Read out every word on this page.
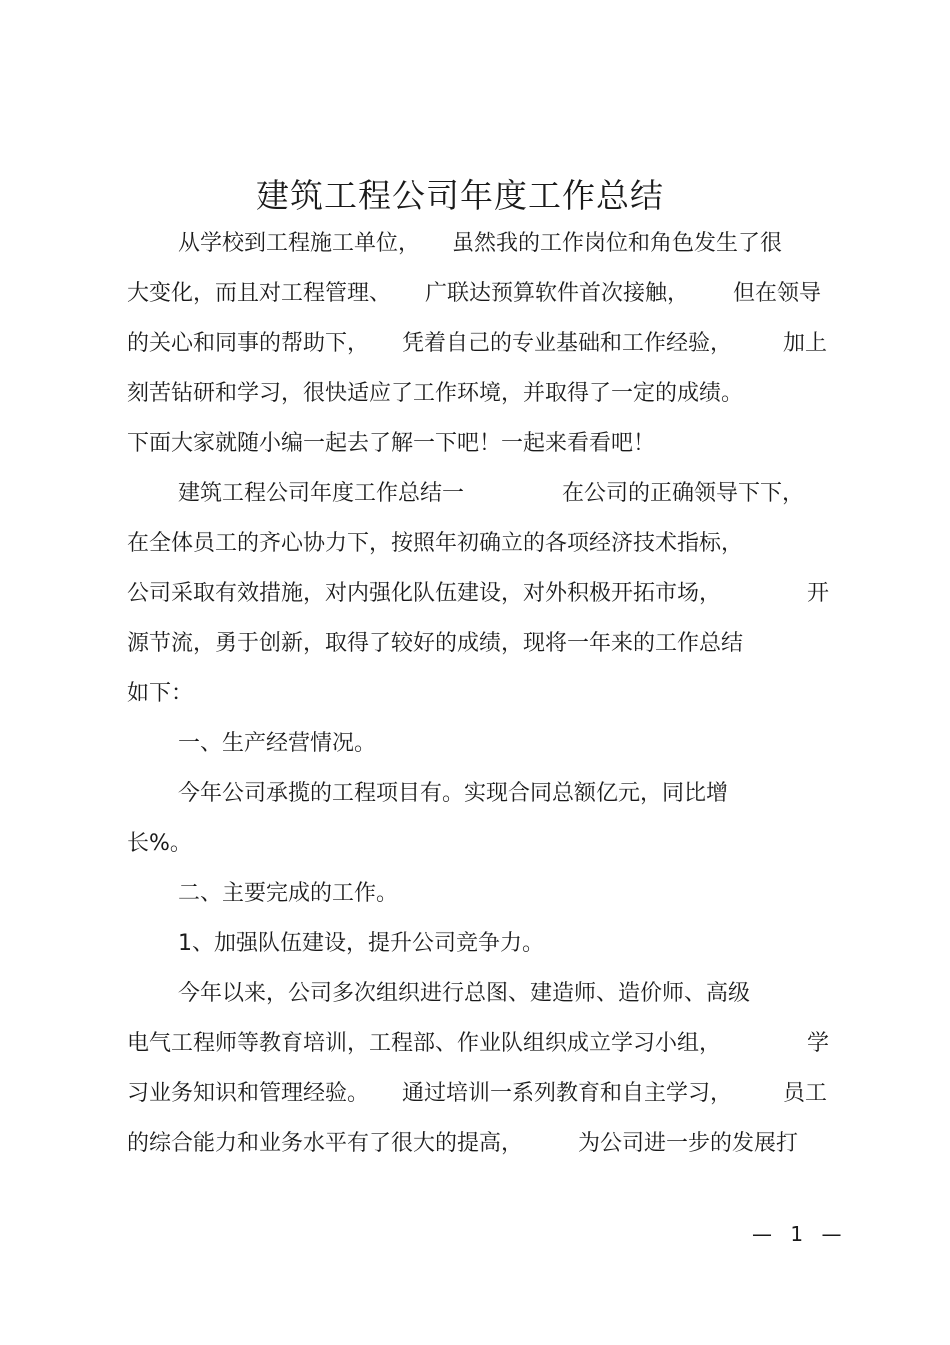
建筑工程公司年度工作总结
从学校到工程施工单位， 虽然我的工作岗位和角色发生了很
大变化，而且对工程管理、 广联达预算软件首次接触， 但在领导
的关心和同事的帮助下， 凭着自己的专业基础和工作经验， 加上
刻苦钻研和学习，很快适应了工作环境，并取得了一定的成绩。
下面大家就随小编一起去了解一下吧！一起来看看吧！
建筑工程公司年度工作总结一	在公司的正确领导下下，
在全体员工的齐心协力下，按照年初确立的各项经济技术指标，
公司采取有效措施，对内强化队伍建设，对外积极开拓市场，	开
源节流，勇于创新，取得了较好的成绩，现将一年来的工作总结
如下：
一、生产经营情况。
今年公司承揽的工程项目有。实现合同总额亿元，同比增
长%。
二、主要完成的工作。
1、加强队伍建设，提升公司竞争力。
今年以来，公司多次组织进行总图、建造师、造价师、高级
电气工程师等教育培训，工程部、作业队组织成立学习小组，	学
习业务知识和管理经验。 通过培训一系列教育和自主学习， 员工
的综合能力和业务水平有了很大的提高， 为公司进一步的发展打
— 1 —
